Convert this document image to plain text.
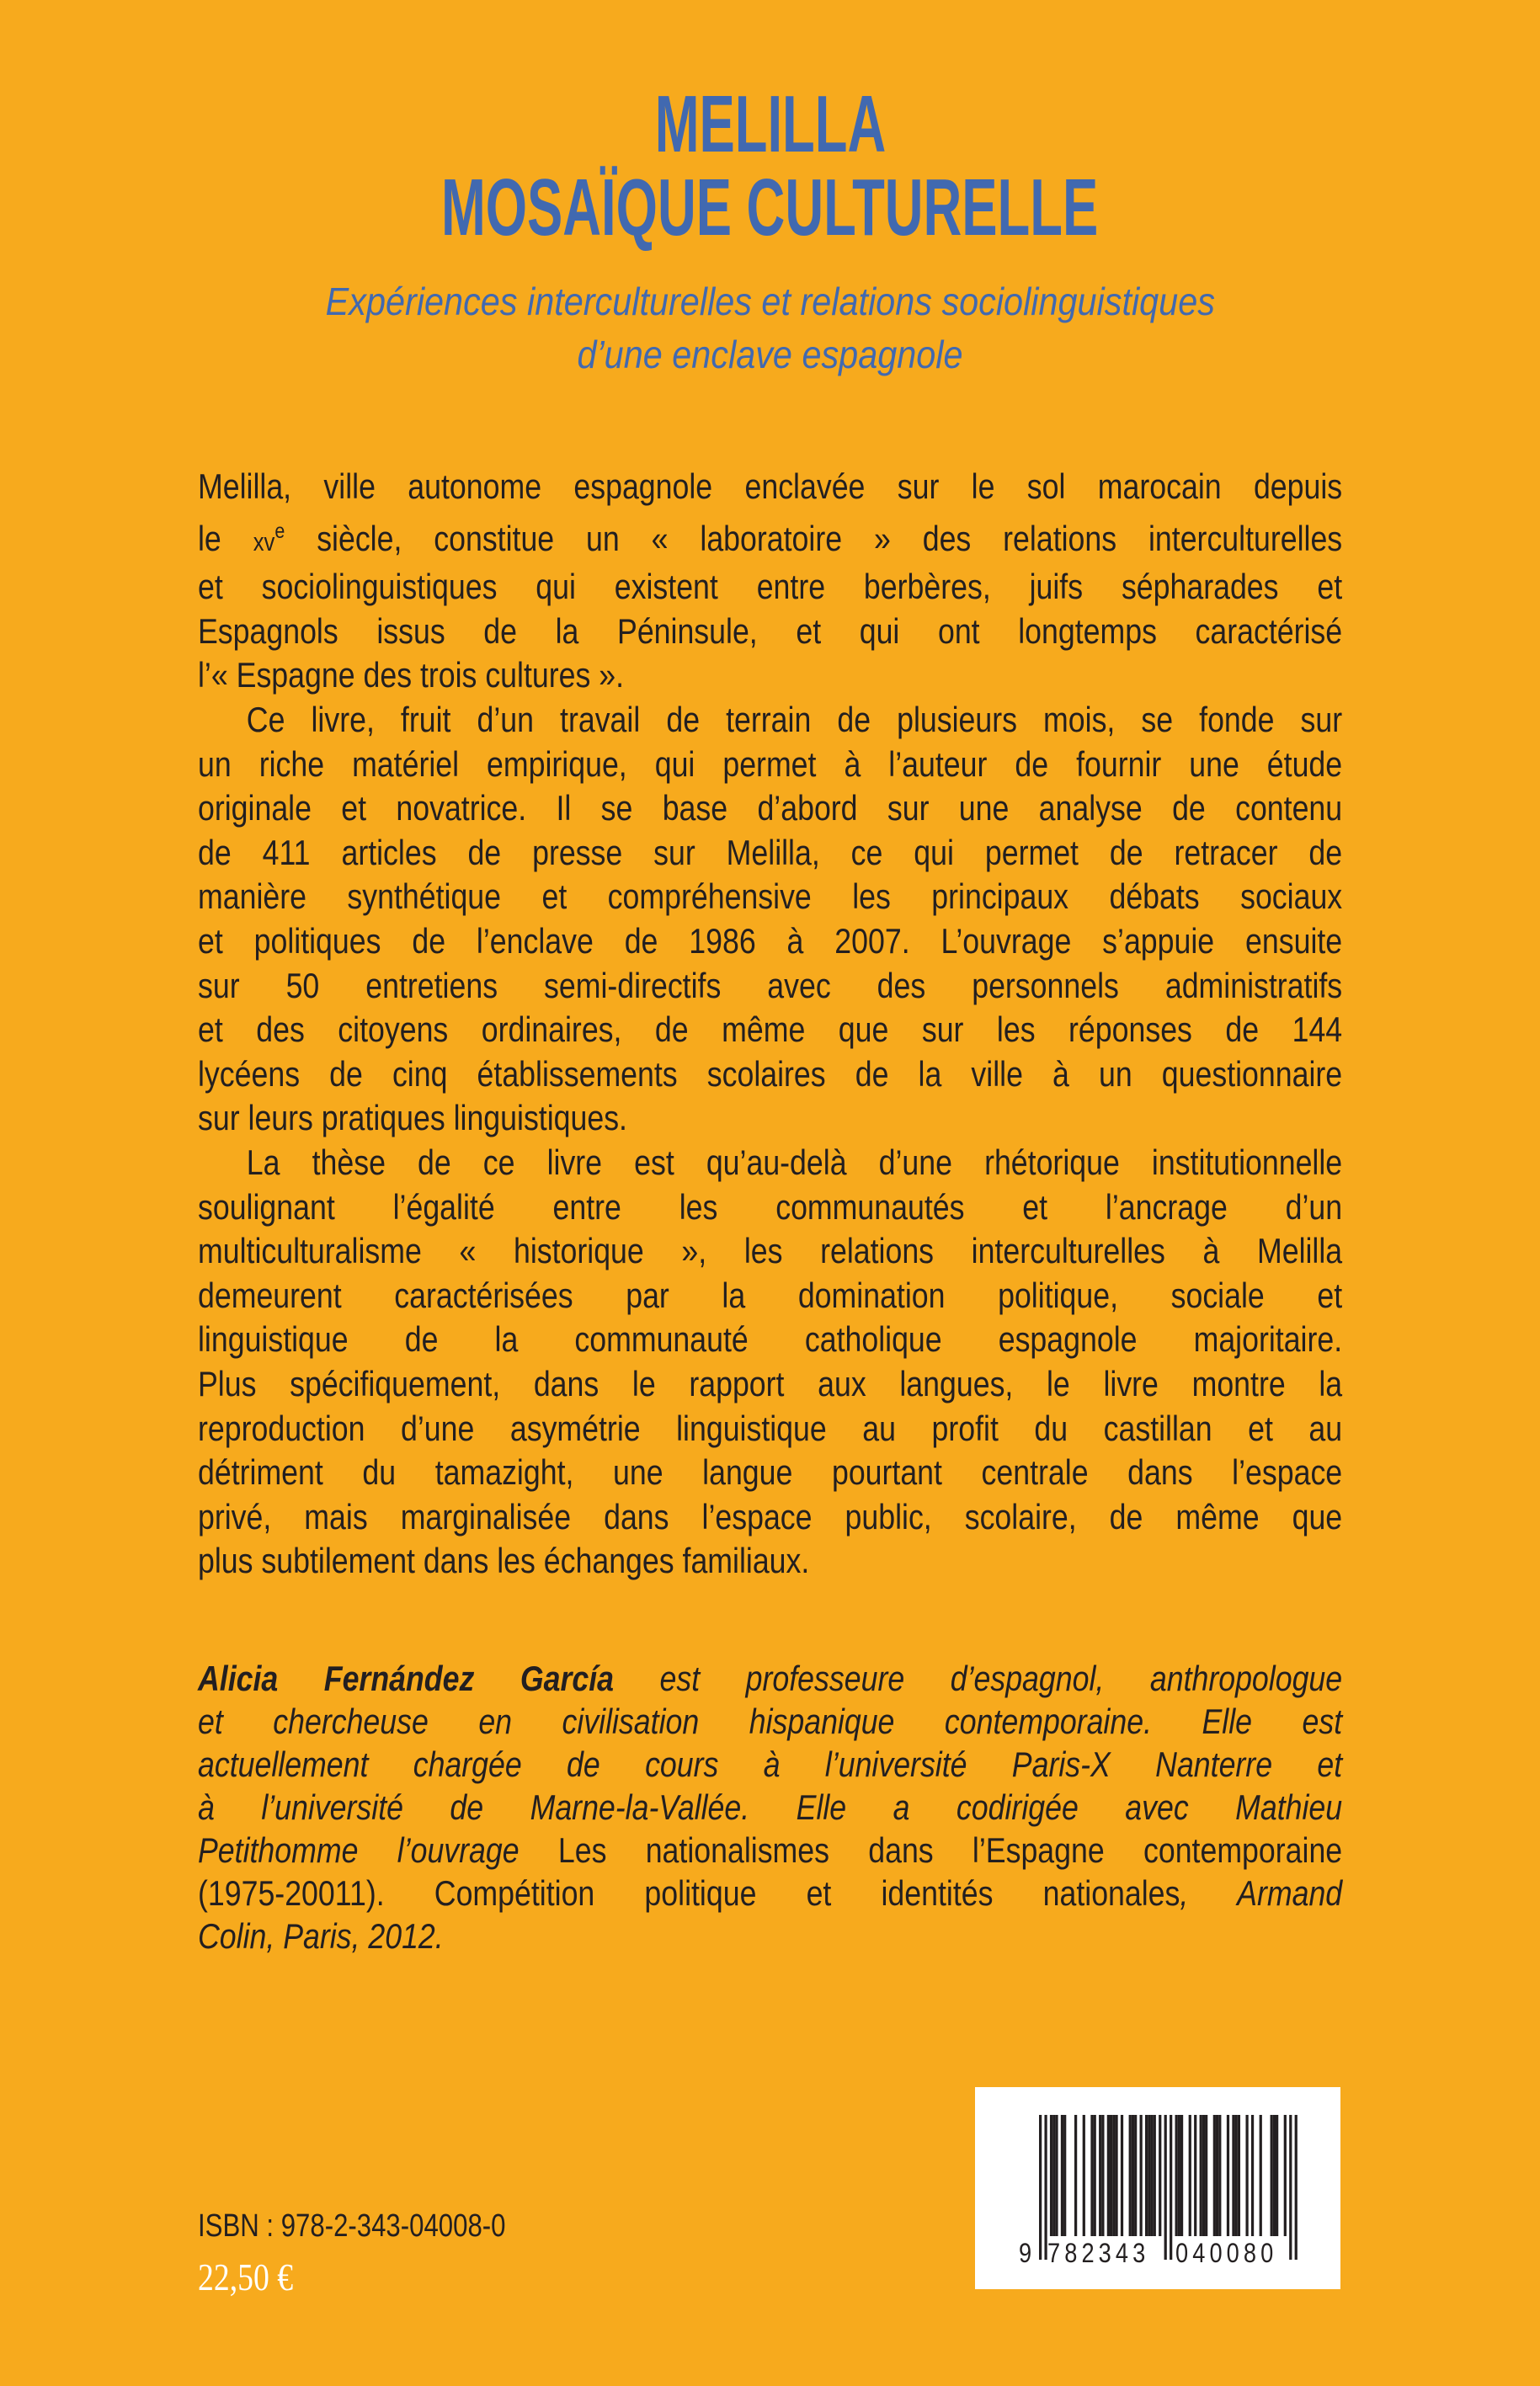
MELILLA
MOSAÏQUE CULTURELLE
Expériences interculturelles et relations sociolinguistiques
d’une enclave espagnole
Melilla, ville autonome espagnole enclavée sur le sol marocain depuis
le $xv^e$ siècle, constitue un « laboratoire » des relations interculturelles
et sociolinguistiques qui existent entre berbères, juifs sépharades et
Espagnols issus de la Péninsule, et qui ont longtemps caractérisé
l’« Espagne des trois cultures ».
Ce livre, fruit d’un travail de terrain de plusieurs mois, se fonde sur
un riche matériel empirique, qui permet à l’auteur de fournir une étude
originale et novatrice. Il se base d’abord sur une analyse de contenu
de 411 articles de presse sur Melilla, ce qui permet de retracer de
manière synthétique et compréhensive les principaux débats sociaux
et politiques de l’enclave de 1986 à 2007. L’ouvrage s’appuie ensuite
sur 50 entretiens semi-directifs avec des personnels administratifs
et des citoyens ordinaires, de même que sur les réponses de 144
lycéens de cinq établissements scolaires de la ville à un questionnaire
sur leurs pratiques linguistiques.
La thèse de ce livre est qu’au-delà d’une rhétorique institutionnelle
soulignant l’égalité entre les communautés et l’ancrage d’un
multiculturalisme « historique », les relations interculturelles à Melilla
demeurent caractérisées par la domination politique, sociale et
linguistique de la communauté catholique espagnole majoritaire.
Plus spécifiquement, dans le rapport aux langues, le livre montre la
reproduction d’une asymétrie linguistique au profit du castillan et au
détriment du tamazight, une langue pourtant centrale dans l’espace
privé, mais marginalisée dans l’espace public, scolaire, de même que
plus subtilement dans les échanges familiaux.
Alicia Fernández García est professeure d’espagnol, anthropologue
et chercheuse en civilisation hispanique contemporaine. Elle est
actuellement chargée de cours à l’université Paris-X Nanterre et
à l’université de Marne-la-Vallée. Elle a codirigée avec Mathieu
Petithomme l’ouvrage Les nationalismes dans l’Espagne contemporaine
(1975-20011). Compétition politique et identités nationales, Armand
Colin, Paris, 2012.
ISBN : 978-2-343-04008-0
22,50 €
9 782343 040080
